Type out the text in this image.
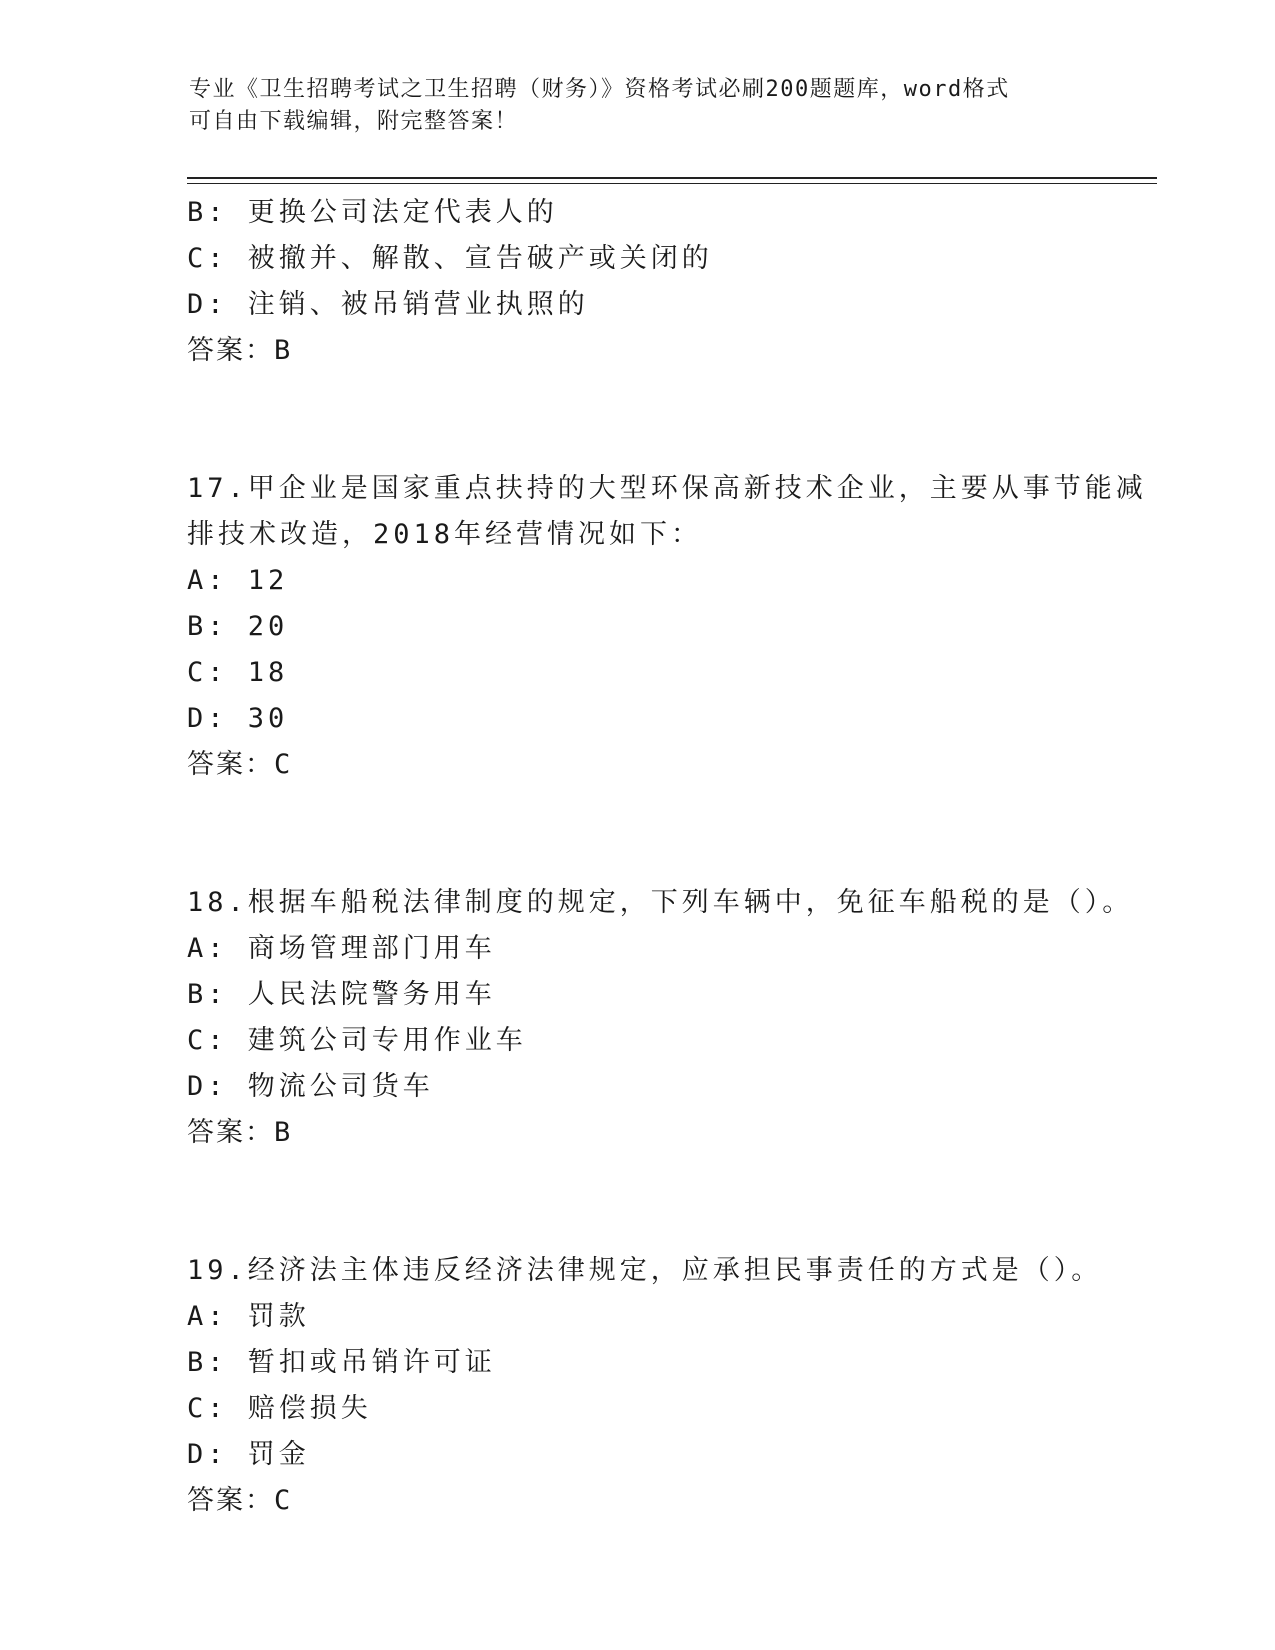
专业《卫生招聘考试之卫生招聘（财务）》资格考试必刷200题题库，word格式
可自由下载编辑，附完整答案！
B: 更换公司法定代表人的
C: 被撤并、解散、宣告破产或关闭的
D: 注销、被吊销营业执照的
答案：B
17.甲企业是国家重点扶持的大型环保高新技术企业，主要从事节能减
排技术改造，2018年经营情况如下：
A: 12
B: 20
C: 18
D: 30
答案：C
18.根据车船税法律制度的规定，下列车辆中，免征车船税的是（）。
A: 商场管理部门用车
B: 人民法院警务用车
C: 建筑公司专用作业车
D: 物流公司货车
答案：B
19.经济法主体违反经济法律规定，应承担民事责任的方式是（）。
A: 罚款
B: 暂扣或吊销许可证
C: 赔偿损失
D: 罚金
答案：C
